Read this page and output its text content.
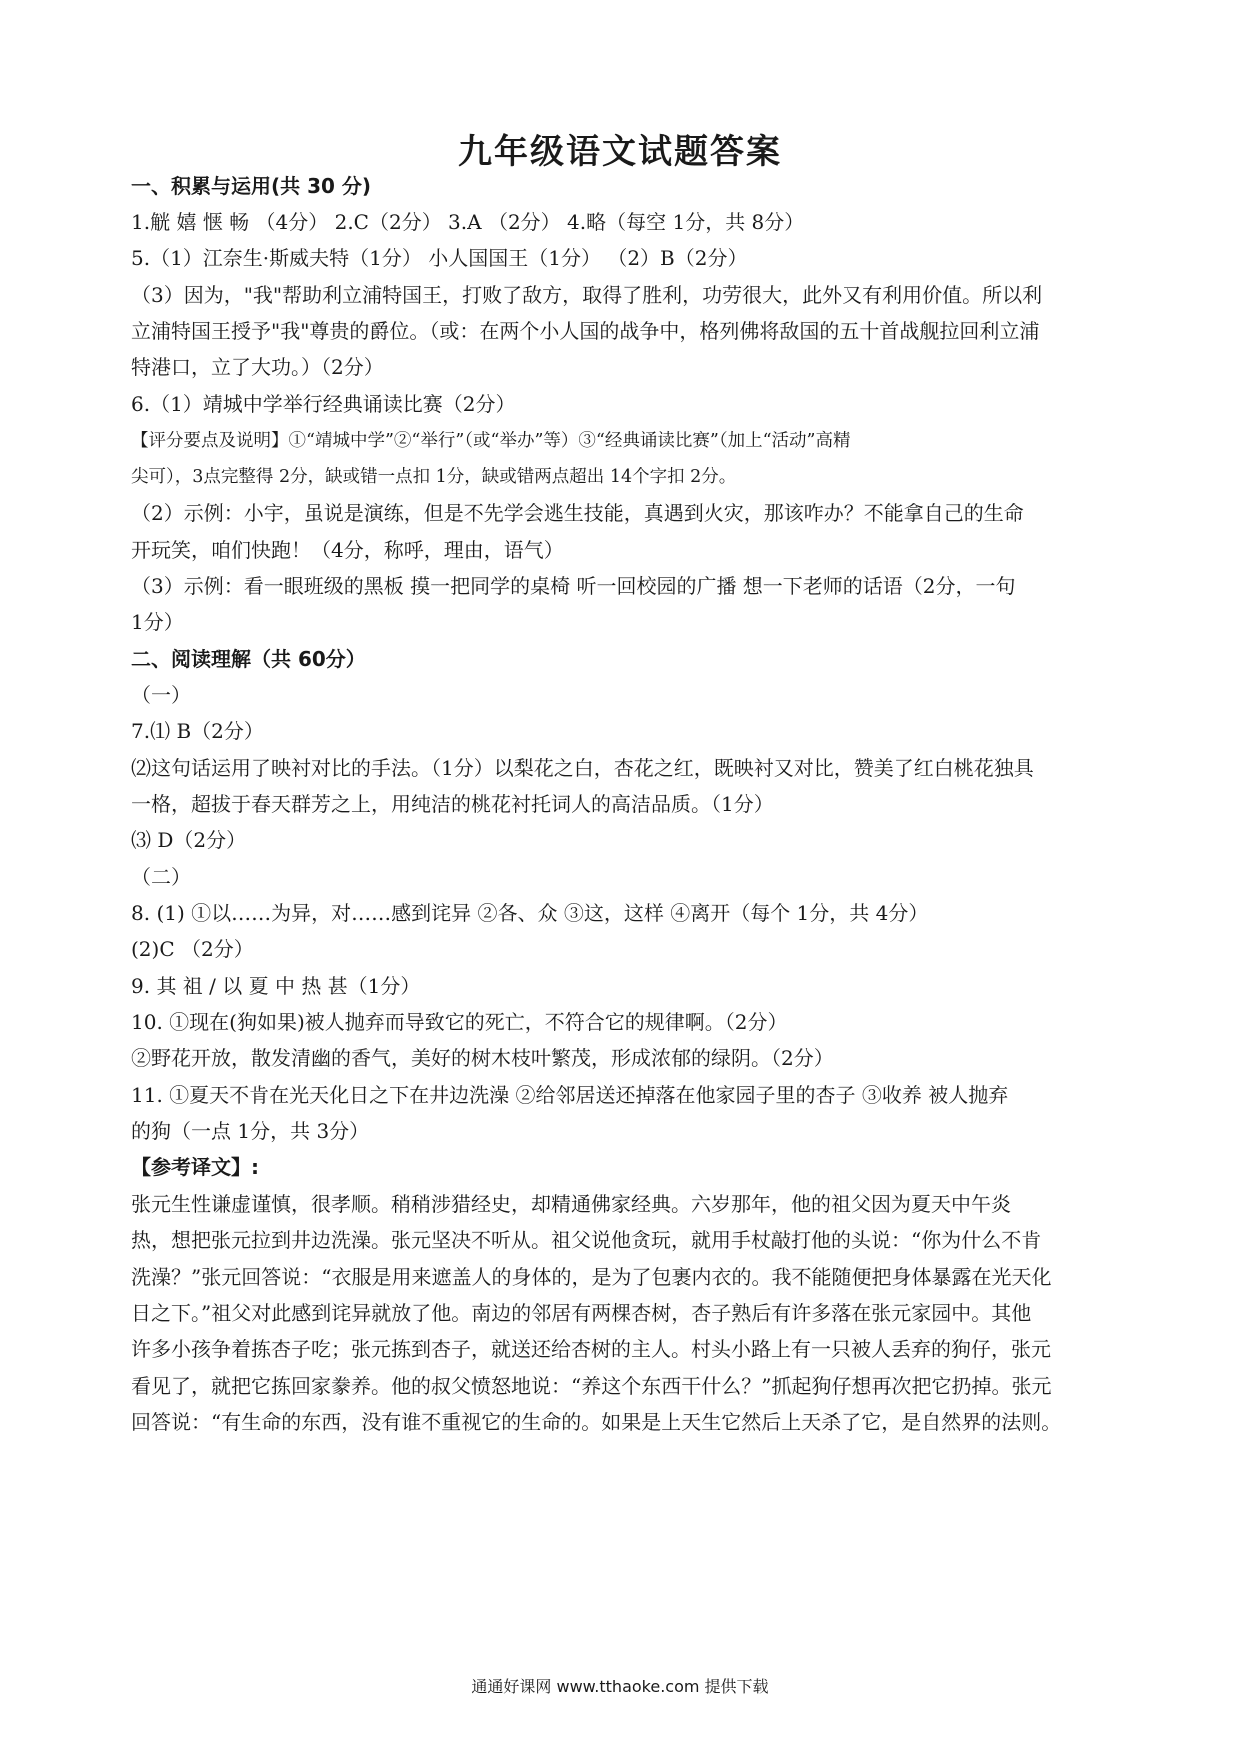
九年级语文试题答案
一、积累与运用(共 30 分)
1.觥 嬉 惬 畅 （4分） 2.C（2分） 3.A （2分） 4.略（每空 1分，共 8分）
5.（1）江奈生·斯威夫特（1分） 小人国国王（1分） （2）B（2分）
（3）因为，"我"帮助利立浦特国王，打败了敌方，取得了胜利，功劳很大，此外又有利用价值。所以利
立浦特国王授予"我"尊贵的爵位。（或：在两个小人国的战争中，格列佛将敌国的五十首战舰拉回利立浦
特港口，立了大功。）（2分）
6.（1）靖城中学举行经典诵读比赛（2分）
【评分要点及说明】①“靖城中学”②“举行”（或“举办”等）③“经典诵读比赛”（加上“活动”高精
尖可），3点完整得 2分，缺或错一点扣 1分，缺或错两点超出 14个字扣 2分。
（2）示例：小宇，虽说是演练，但是不先学会逃生技能，真遇到火灾，那该咋办？不能拿自己的生命
开玩笑，咱们快跑！（4分，称呼，理由，语气）
（3）示例：看一眼班级的黑板 摸一把同学的桌椅 听一回校园的广播 想一下老师的话语（2分，一句
1分）
二、阅读理解（共 60分）
（一）
7.⑴ B（2分）
⑵这句话运用了映衬对比的手法。（1分）以梨花之白，杏花之红，既映衬又对比，赞美了红白桃花独具
一格，超拔于春天群芳之上，用纯洁的桃花衬托词人的高洁品质。（1分）
⑶ D（2分）
（二）
8. (1) ①以……为异，对……感到诧异 ②各、众 ③这，这样 ④离开（每个 1分，共 4分）
(2)C （2分）
9. 其 祖 / 以 夏 中 热 甚（1分）
10. ①现在(狗如果)被人抛弃而导致它的死亡，不符合它的规律啊。（2分）
②野花开放，散发清幽的香气，美好的树木枝叶繁茂，形成浓郁的绿阴。（2分）
11. ①夏天不肯在光天化日之下在井边洗澡 ②给邻居送还掉落在他家园子里的杏子 ③收养 被人抛弃
的狗（一点 1分，共 3分）
【参考译文】:
张元生性谦虚谨慎，很孝顺。稍稍涉猎经史，却精通佛家经典。六岁那年，他的祖父因为夏天中午炎
热，想把张元拉到井边洗澡。张元坚决不听从。祖父说他贪玩，就用手杖敲打他的头说：“你为什么不肯
洗澡？”张元回答说：“衣服是用来遮盖人的身体的，是为了包裹内衣的。我不能随便把身体暴露在光天化
日之下。”祖父对此感到诧异就放了他。南边的邻居有两棵杏树，杏子熟后有许多落在张元家园中。其他
许多小孩争着拣杏子吃；张元拣到杏子，就送还给杏树的主人。村头小路上有一只被人丢弃的狗仔，张元
看见了，就把它拣回家豢养。他的叔父愤怒地说：“养这个东西干什么？”抓起狗仔想再次把它扔掉。张元
回答说：“有生命的东西，没有谁不重视它的生命的。如果是上天生它然后上天杀了它，是自然界的法则。
通通好课网 www.tthaoke.com 提供下载
